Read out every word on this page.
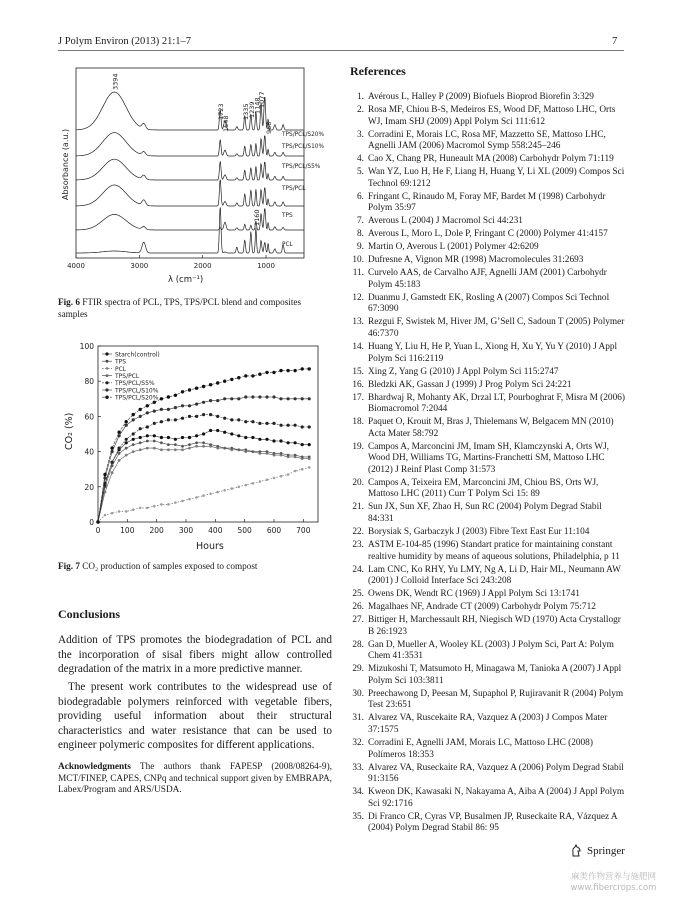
J Polym Environ (2013) 21:1–7	7
Absorbance (a.u.)
4000	3000	2000	1000
3394
1723
1648
1335
1239
1148
1077
966
1160
TPS/PCL/S20%
TPS/PCL/S10%
TPS/PCL/S5%
TPS/PCL
TPS
PCL
λ (cm⁻¹)
Fig. 6 FTIR spectra of PCL, TPS, TPS/PCL blend and composites samples
0
20
40
60
80
100
0	100 200 300 400 500 600 700
Starch(control)
TPS
PCL
TPS/PCL
TPS/PCL/S5%
TPS/PCL/S10%
TPS/PCL/S20%
CO₂ (%)
Hours
Fig. 7 CO₂ production of samples exposed to compost
Conclusions
Addition of TPS promotes the biodegradation of PCL and the incorporation of sisal fibers might allow controlled degradation of the matrix in a more predictive manner.
The present work contributes to the widespread use of biodegradable polymers reinforced with vegetable fibers, providing useful information about their structural characteristics and water resistance that can be used to engineer polymeric composites for different applications.
Acknowledgments The authors thank FAPESP (2008/08264-9), MCT/FINEP, CAPES, CNPq and technical support given by EMBRAPA, Labex/Program and ARS/USDA.
References
1. Avérous L, Halley P (2009) Biofuels Bioprod Biorefin 3:329
2. Rosa MF, Chiou B-S, Medeiros ES, Wood DF, Mattoso LHC, Orts WJ, Imam SHJ (2009) Appl Polym Sci 111:612
3. Corradini E, Morais LC, Rosa MF, Mazzetto SE, Mattoso LHC, Agnelli JAM (2006) Macromol Symp 558:245–246
4. Cao X, Chang PR, Huneault MA (2008) Carbohydr Polym 71:119
5. Wan YZ, Luo H, He F, Liang H, Huang Y, Li XL (2009) Compos Sci Technol 69:1212
6. Fringant C, Rinaudo M, Foray MF, Bardet M (1998) Carbohydr Polym 35:97
7. Averous L (2004) J Macromol Sci 44:231
8. Averous L, Moro L, Dole P, Fringant C (2000) Polymer 41:4157
9. Martin O, Averous L (2001) Polymer 42:6209
10. Dufresne A, Vignon MR (1998) Macromolecules 31:2693
11. Curvelo AAS, de Carvalho AJF, Agnelli JAM (2001) Carbohydr Polym 45:183
12. Duanmu J, Gamstedt EK, Rosling A (2007) Compos Sci Technol 67:3090
13. Rezgui F, Swistek M, Hiver JM, G’Sell C, Sadoun T (2005) Polymer 46:7370
14. Huang Y, Liu H, He P, Yuan L, Xiong H, Xu Y, Yu Y (2010) J Appl Polym Sci 116:2119
15. Xing Z, Yang G (2010) J Appl Polym Sci 115:2747
16. Bledzki AK, Gassan J (1999) J Prog Polym Sci 24:221
17. Bhardwaj R, Mohanty AK, Drzal LT, Pourboghrat F, Misra M (2006) Biomacromol 7:2044
18. Paquet O, Krouit M, Bras J, Thielemans W, Belgacem MN (2010) Acta Mater 58:792
19. Campos A, Marconcini JM, Imam SH, Klamczynski A, Orts WJ, Wood DH, Williams TG, Martins-Franchetti SM, Mattoso LHC (2012) J Reinf Plast Comp 31:573
20. Campos A, Teixeira EM, Marconcini JM, Chiou BS, Orts WJ, Mattoso LHC (2011) Curr T Polym Sci 15: 89
21. Sun JX, Sun XF, Zhao H, Sun RC (2004) Polym Degrad Stabil 84:331
22. Borysiak S, Garbaczyk J (2003) Fibre Text East Eur 11:104
23. ASTM E-104-85 (1996) Standart pratice for maintaining constant realtive humidity by means of aqueous solutions, Philadelphia, p 11
24. Lam CNC, Ko RHY, Yu LMY, Ng A, Li D, Hair ML, Neumann AW (2001) J Colloid Interface Sci 243:208
25. Owens DK, Wendt RC (1969) J Appl Polym Sci 13:1741
26. Magalhaes NF, Andrade CT (2009) Carbohydr Polym 75:712
27. Bittiger H, Marchessault RH, Niegisch WD (1970) Acta Crystallogr B 26:1923
28. Gan D, Mueller A, Wooley KL (2003) J Polym Sci, Part A: Polym Chem 41:3531
29. Mizukoshi T, Matsumoto H, Minagawa M, Tanioka A (2007) J Appl Polym Sci 103:3811
30. Preechawong D, Peesan M, Supaphol P, Rujiravanit R (2004) Polym Test 23:651
31. Alvarez VA, Ruscekaite RA, Vazquez A (2003) J Compos Mater 37:1575
32. Corradini E, Agnelli JAM, Morais LC, Mattoso LHC (2008) Polímeros 18:353
33. Alvarez VA, Ruseckaite RA, Vazquez A (2006) Polym Degrad Stabil 91:3156
34. Kweon DK, Kawasaki N, Nakayama A, Aiba A (2004) J Appl Polym Sci 92:1716
35. Di Franco CR, Cyras VP, Busalmen JP, Ruseckaite RA, Vázquez A (2004) Polym Degrad Stabil 86: 95
Springer
麻类作物营养与施肥网
www.fibercrops.com
